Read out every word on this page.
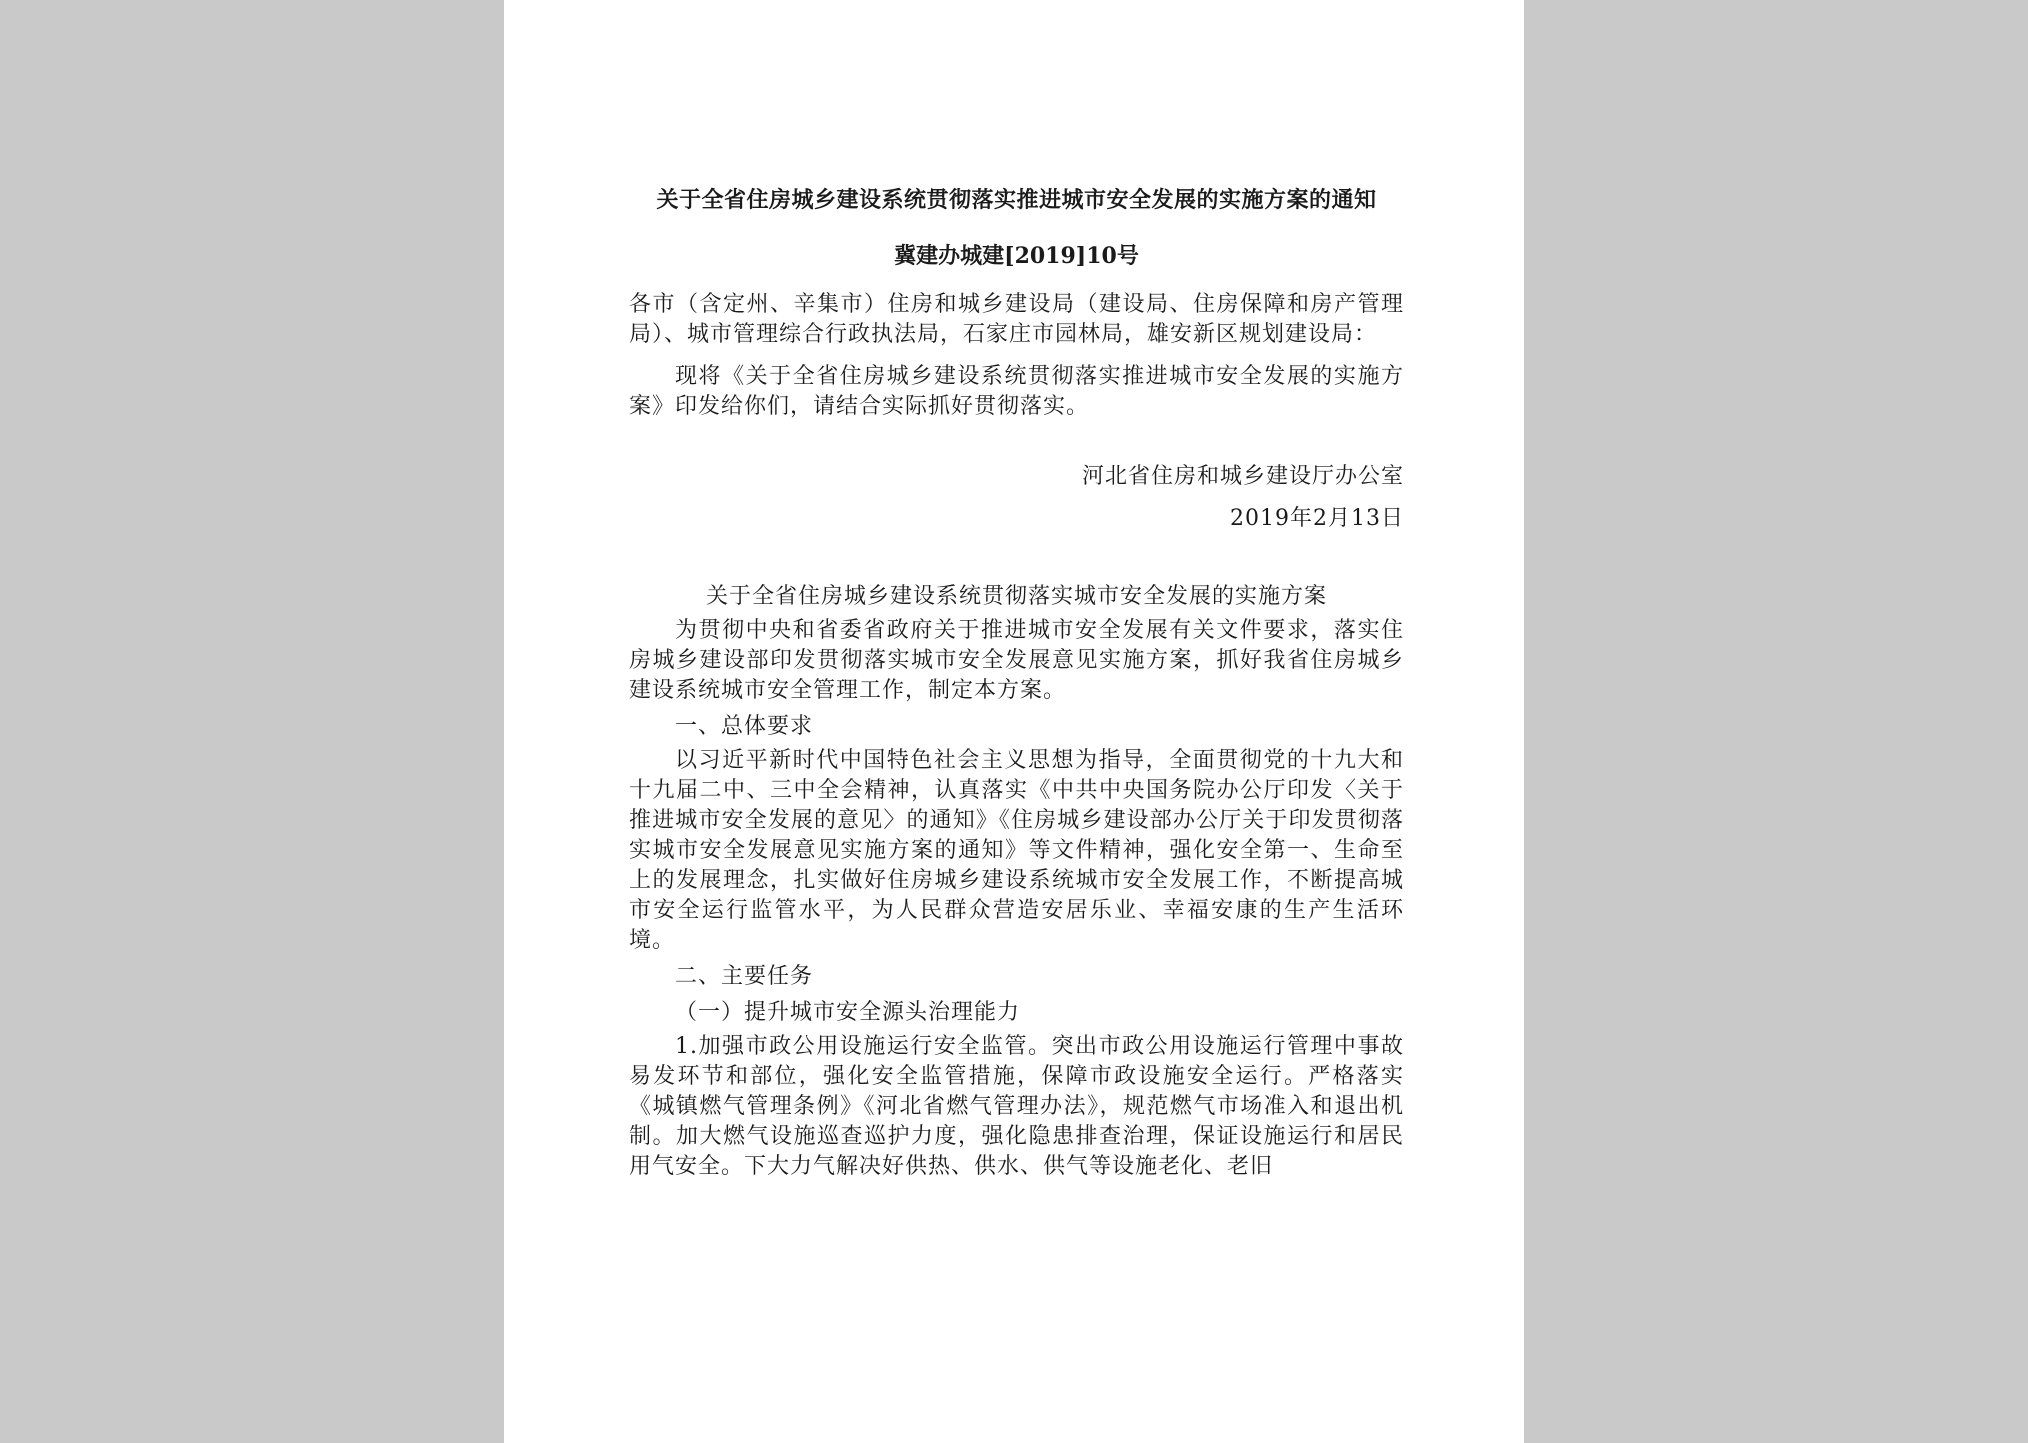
关于全省住房城乡建设系统贯彻落实推进城市安全发展的实施方案的通知

冀建办城建[2019]10号

各市（含定州、辛集市）住房和城乡建设局（建设局、住房保障和房产管理局）、城市管理综合行政执法局，石家庄市园林局，雄安新区规划建设局：

现将《关于全省住房城乡建设系统贯彻落实推进城市安全发展的实施方案》印发给你们，请结合实际抓好贯彻落实。

河北省住房和城乡建设厅办公室

2019年2月13日

关于全省住房城乡建设系统贯彻落实城市安全发展的实施方案

为贯彻中央和省委省政府关于推进城市安全发展有关文件要求，落实住房城乡建设部印发贯彻落实城市安全发展意见实施方案，抓好我省住房城乡建设系统城市安全管理工作，制定本方案。

一、总体要求

以习近平新时代中国特色社会主义思想为指导，全面贯彻党的十九大和十九届二中、三中全会精神，认真落实《中共中央国务院办公厅印发〈关于推进城市安全发展的意见〉的通知》《住房城乡建设部办公厅关于印发贯彻落实城市安全发展意见实施方案的通知》等文件精神，强化安全第一、生命至上的发展理念，扎实做好住房城乡建设系统城市安全发展工作，不断提高城市安全运行监管水平，为人民群众营造安居乐业、幸福安康的生产生活环境。

二、主要任务

（一）提升城市安全源头治理能力

1.加强市政公用设施运行安全监管。突出市政公用设施运行管理中事故易发环节和部位，强化安全监管措施，保障市政设施安全运行。严格落实《城镇燃气管理条例》《河北省燃气管理办法》，规范燃气市场准入和退出机制。加大燃气设施巡查巡护力度，强化隐患排查治理，保证设施运行和居民用气安全。下大力气解决好供热、供水、供气等设施老化、老旧
